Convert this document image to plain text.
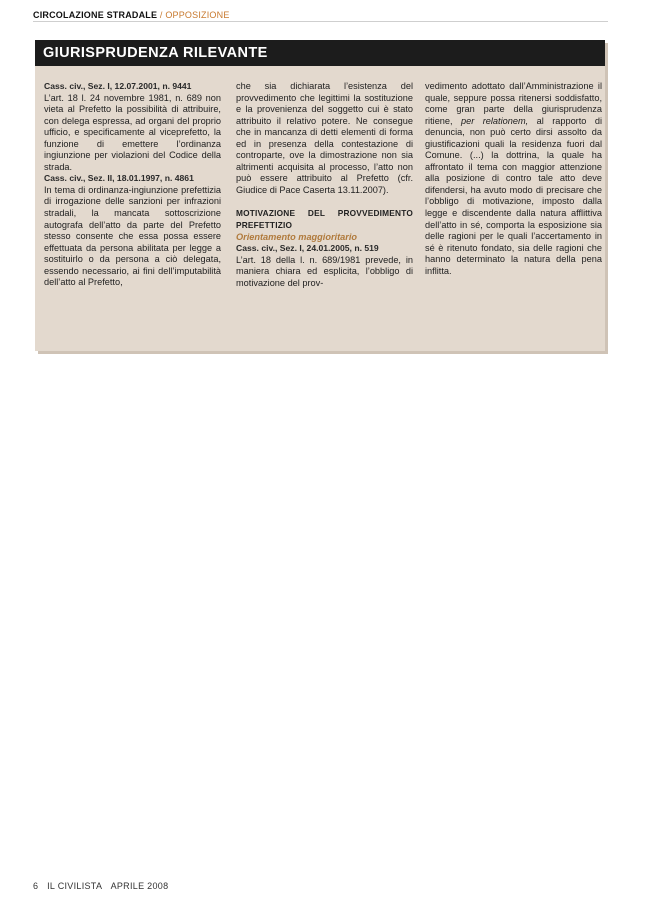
CIRCOLAZIONE STRADALE / OPPOSIZIONE
GIURISPRUDENZA RILEVANTE

Cass. civ., Sez. I, 12.07.2001, n. 9441

L’art. 18 l. 24 novembre 1981, n. 689 non vieta al Prefetto la possibilità di attribuire, con delega espressa, ad organi del proprio ufficio, e specificamente al viceprefetto, la funzione di emettere l’ordinanza ingiunzione per violazioni del Codice della strada.

Cass. civ., Sez. II, 18.01.1997, n. 4861

In tema di ordinanza-ingiunzione prefettizia di irrogazione delle sanzioni per infrazioni stradali, la mancata sottoscrizione autografa dell’atto da parte del Prefetto stesso consente che essa possa essere effettuata da persona abilitata per legge a sostituirlo o da persona a ciò delegata, essendo necessario, ai fini dell’imputabilità dell’atto al Prefetto,

che sia dichiarata l’esistenza del provvedimento che legittimi la sostituzione e la provenienza del soggetto cui è stato attribuito il relativo potere. Ne consegue che in mancanza di detti elementi di forma ed in presenza della contestazione di controparte, ove la dimostrazione non sia altrimenti acquisita al processo, l’atto non può essere attribuito al Prefetto (cfr. Giudice di Pace Caserta 13.11.2007).

MOTIVAZIONE DEL PROVVEDIMENTO PREFETTIZIO

Orientamento maggioritario

Cass. civ., Sez. I, 24.01.2005, n. 519

L’art. 18 della l. n. 689/1981 prevede, in maniera chiara ed esplicita, l’obbligo di motivazione del prov-

vedimento adottato dall’Amministrazione il quale, seppure possa ritenersi soddisfatto, come gran parte della giurisprudenza ritiene, per relationem, al rapporto di denuncia, non può certo dirsi assolto da giustificazioni quali la residenza fuori dal Comune. (...) la dottrina, la quale ha affrontato il tema con maggior attenzione alla posizione di contro tale atto deve difendersi, ha avuto modo di precisare che l’obbligo di motivazione, imposto dalla legge e discendente dalla natura afflittiva dell’atto in sé, comporta la esposizione sia delle ragioni per le quali l’accertamento in sé è ritenuto fondato, sia delle ragioni che hanno determinato la natura della pena inflitta.

6 IL CIVILISTA APRILE 2008
